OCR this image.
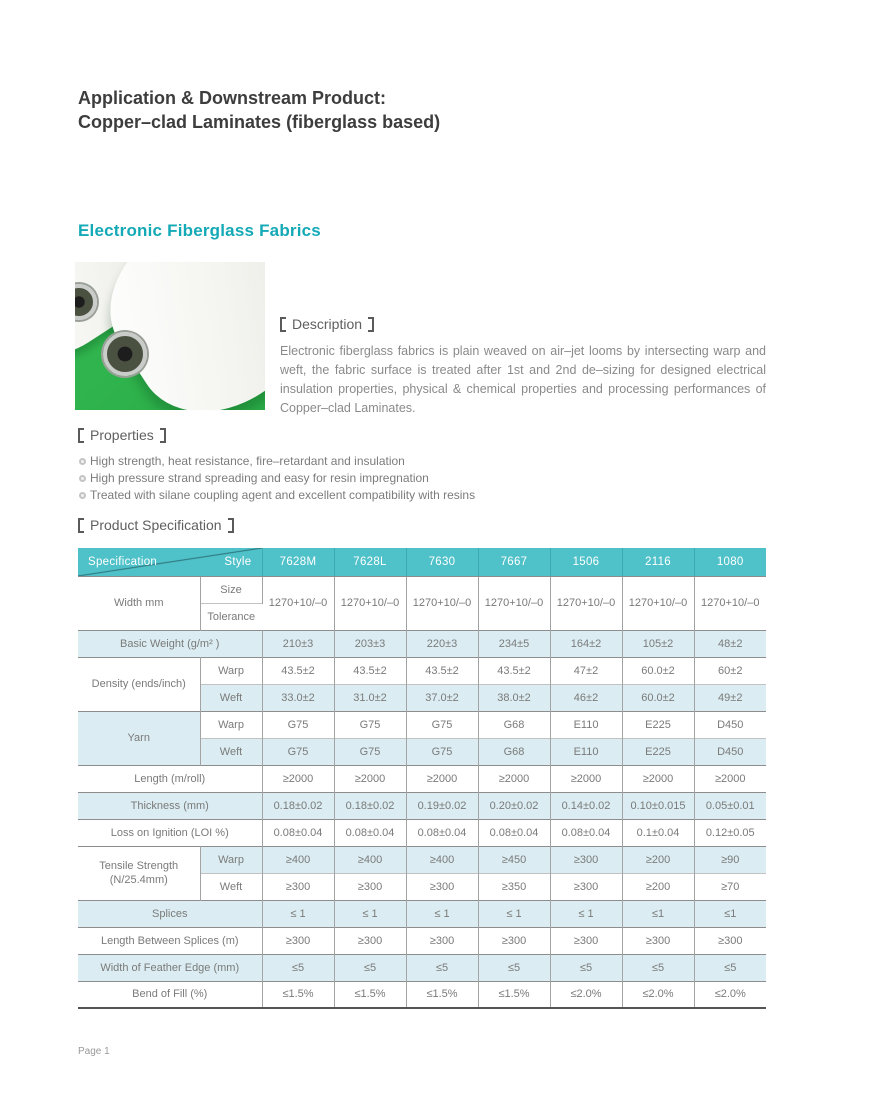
Application & Downstream Product:
Copper–clad Laminates (fiberglass based)
Electronic Fiberglass Fabrics
Description
Electronic fiberglass fabrics is plain weaved on air–jet looms by intersecting warp and weft, the fabric surface is treated after 1st and 2nd de–sizing for designed electrical insulation properties, physical & chemical properties and processing performances of Copper–clad Laminates.
Properties
High strength, heat resistance, fire–retardant and insulation
High pressure strand spreading and easy for resin impregnation
Treated with silane coupling agent and excellent compatibility with resins
Product Specification
Specification Style		7628M	7628L	7630	7667	1506	2116	1080
Width mm	Size	1270+10/–0	1270+10/–0	1270+10/–0	1270+10/–0	1270+10/–0	1270+10/–0	1270+10/–0
	Tolerance							
Basic Weight (g/m² )		210±3	203±3	220±3	234±5	164±2	105±2	48±2
Density (ends/inch)	Warp	43.5±2	43.5±2	43.5±2	43.5±2	47±2	60.0±2	60±2
	Weft	33.0±2	31.0±2	37.0±2	38.0±2	46±2	60.0±2	49±2
Yarn	Warp	G75	G75	G75	G68	E110	E225	D450
	Weft	G75	G75	G75	G68	E110	E225	D450
Length (m/roll)		≥2000	≥2000	≥2000	≥2000	≥2000	≥2000	≥2000
Thickness (mm)		0.18±0.02	0.18±0.02	0.19±0.02	0.20±0.02	0.14±0.02	0.10±0.015	0.05±0.01
Loss on Ignition (LOI %)		0.08±0.04	0.08±0.04	0.08±0.04	0.08±0.04	0.08±0.04	0.1±0.04	0.12±0.05
Tensile Strength (N/25.4mm)	Warp	≥400	≥400	≥400	≥450	≥300	≥200	≥90
	Weft	≥300	≥300	≥300	≥350	≥300	≥200	≥70
Splices		≤ 1	≤ 1	≤ 1	≤ 1	≤ 1	≤1	≤1
Length Between Splices (m)		≥300	≥300	≥300	≥300	≥300	≥300	≥300
Width of Feather Edge (mm)		≤5	≤5	≤5	≤5	≤5	≤5	≤5
Bend of Fill (%)		≤1.5%	≤1.5%	≤1.5%	≤1.5%	≤2.0%	≤2.0%	≤2.0%
Page 1
